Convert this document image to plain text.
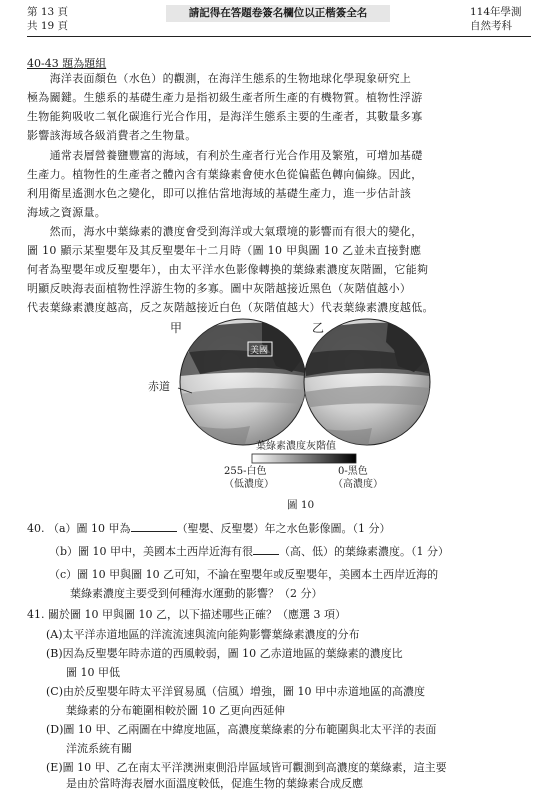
第 13 頁
共 19 頁
請記得在答題卷簽名欄位以正楷簽全名	114年學測
自然考科
40-43 題為題組
　　海洋表面顏色（水色）的觀測，在海洋生態系的生物地球化學現象研究上
極為關鍵。生態系的基礎生產力是指初級生產者所生產的有機物質。植物性浮游
生物能夠吸收二氧化碳進行光合作用，是海洋生態系主要的生產者，其數量多寡
影響該海域各級消費者之生物量。
　　通常表層營養鹽豐富的海域，有利於生產者行光合作用及繁殖，可增加基礎
生產力。植物性的生產者之體內含有葉綠素會使水色從偏藍色轉向偏綠。因此，
利用衛星遙測水色之變化，即可以推估當地海域的基礎生產力，進一步估計該
海域之資源量。
　　然而，海水中葉綠素的濃度會受到海洋或大氣環境的影響而有很大的變化，
圖 10 顯示某聖嬰年及其反聖嬰年十二月時（圖 10 甲與圖 10 乙並未直接對應
何者為聖嬰年或反聖嬰年），由太平洋水色影像轉換的葉綠素濃度灰階圖，它能夠
明顯反映海表面植物性浮游生物的多寡。圖中灰階越接近黑色（灰階值越小）
代表葉綠素濃度越高，反之灰階越接近白色（灰階值越大）代表葉綠素濃度越低。
甲	乙
美國
赤道
葉綠素濃度灰階值
255-白色
（低濃度）
0-黑色
（高濃度）
圖 10
40. （a）圖 10 甲為	（聖嬰、反聖嬰）年之水色影像圖。（1 分）
（b）圖 10 甲中，美國本土西岸近海有很 （高、低）的葉綠素濃度。（1 分）
（c）圖 10 甲與圖 10 乙可知，不論在聖嬰年或反聖嬰年，美國本土西岸近海的
葉綠素濃度主要受到何種海水運動的影響？（2 分）
41. 關於圖 10 甲與圖 10 乙，以下描述哪些正確？（應選 3 項）
(A)太平洋赤道地區的洋流流速與流向能夠影響葉綠素濃度的分布
(B)因為反聖嬰年時赤道的西風較弱，圖 10 乙赤道地區的葉綠素的濃度比
圖 10 甲低
(C)由於反聖嬰年時太平洋貿易風（信風）增強，圖 10 甲中赤道地區的高濃度
葉綠素的分布範圍相較於圖 10 乙更向西延伸
(D)圖 10 甲、乙兩圖在中緯度地區，高濃度葉綠素的分布範圍與北太平洋的表面
洋流系統有關
(E)圖 10 甲、乙在南太平洋澳洲東側沿岸區域皆可觀測到高濃度的葉綠素，這主要
是由於當時海表層水面溫度較低，促進生物的葉綠素合成反應
